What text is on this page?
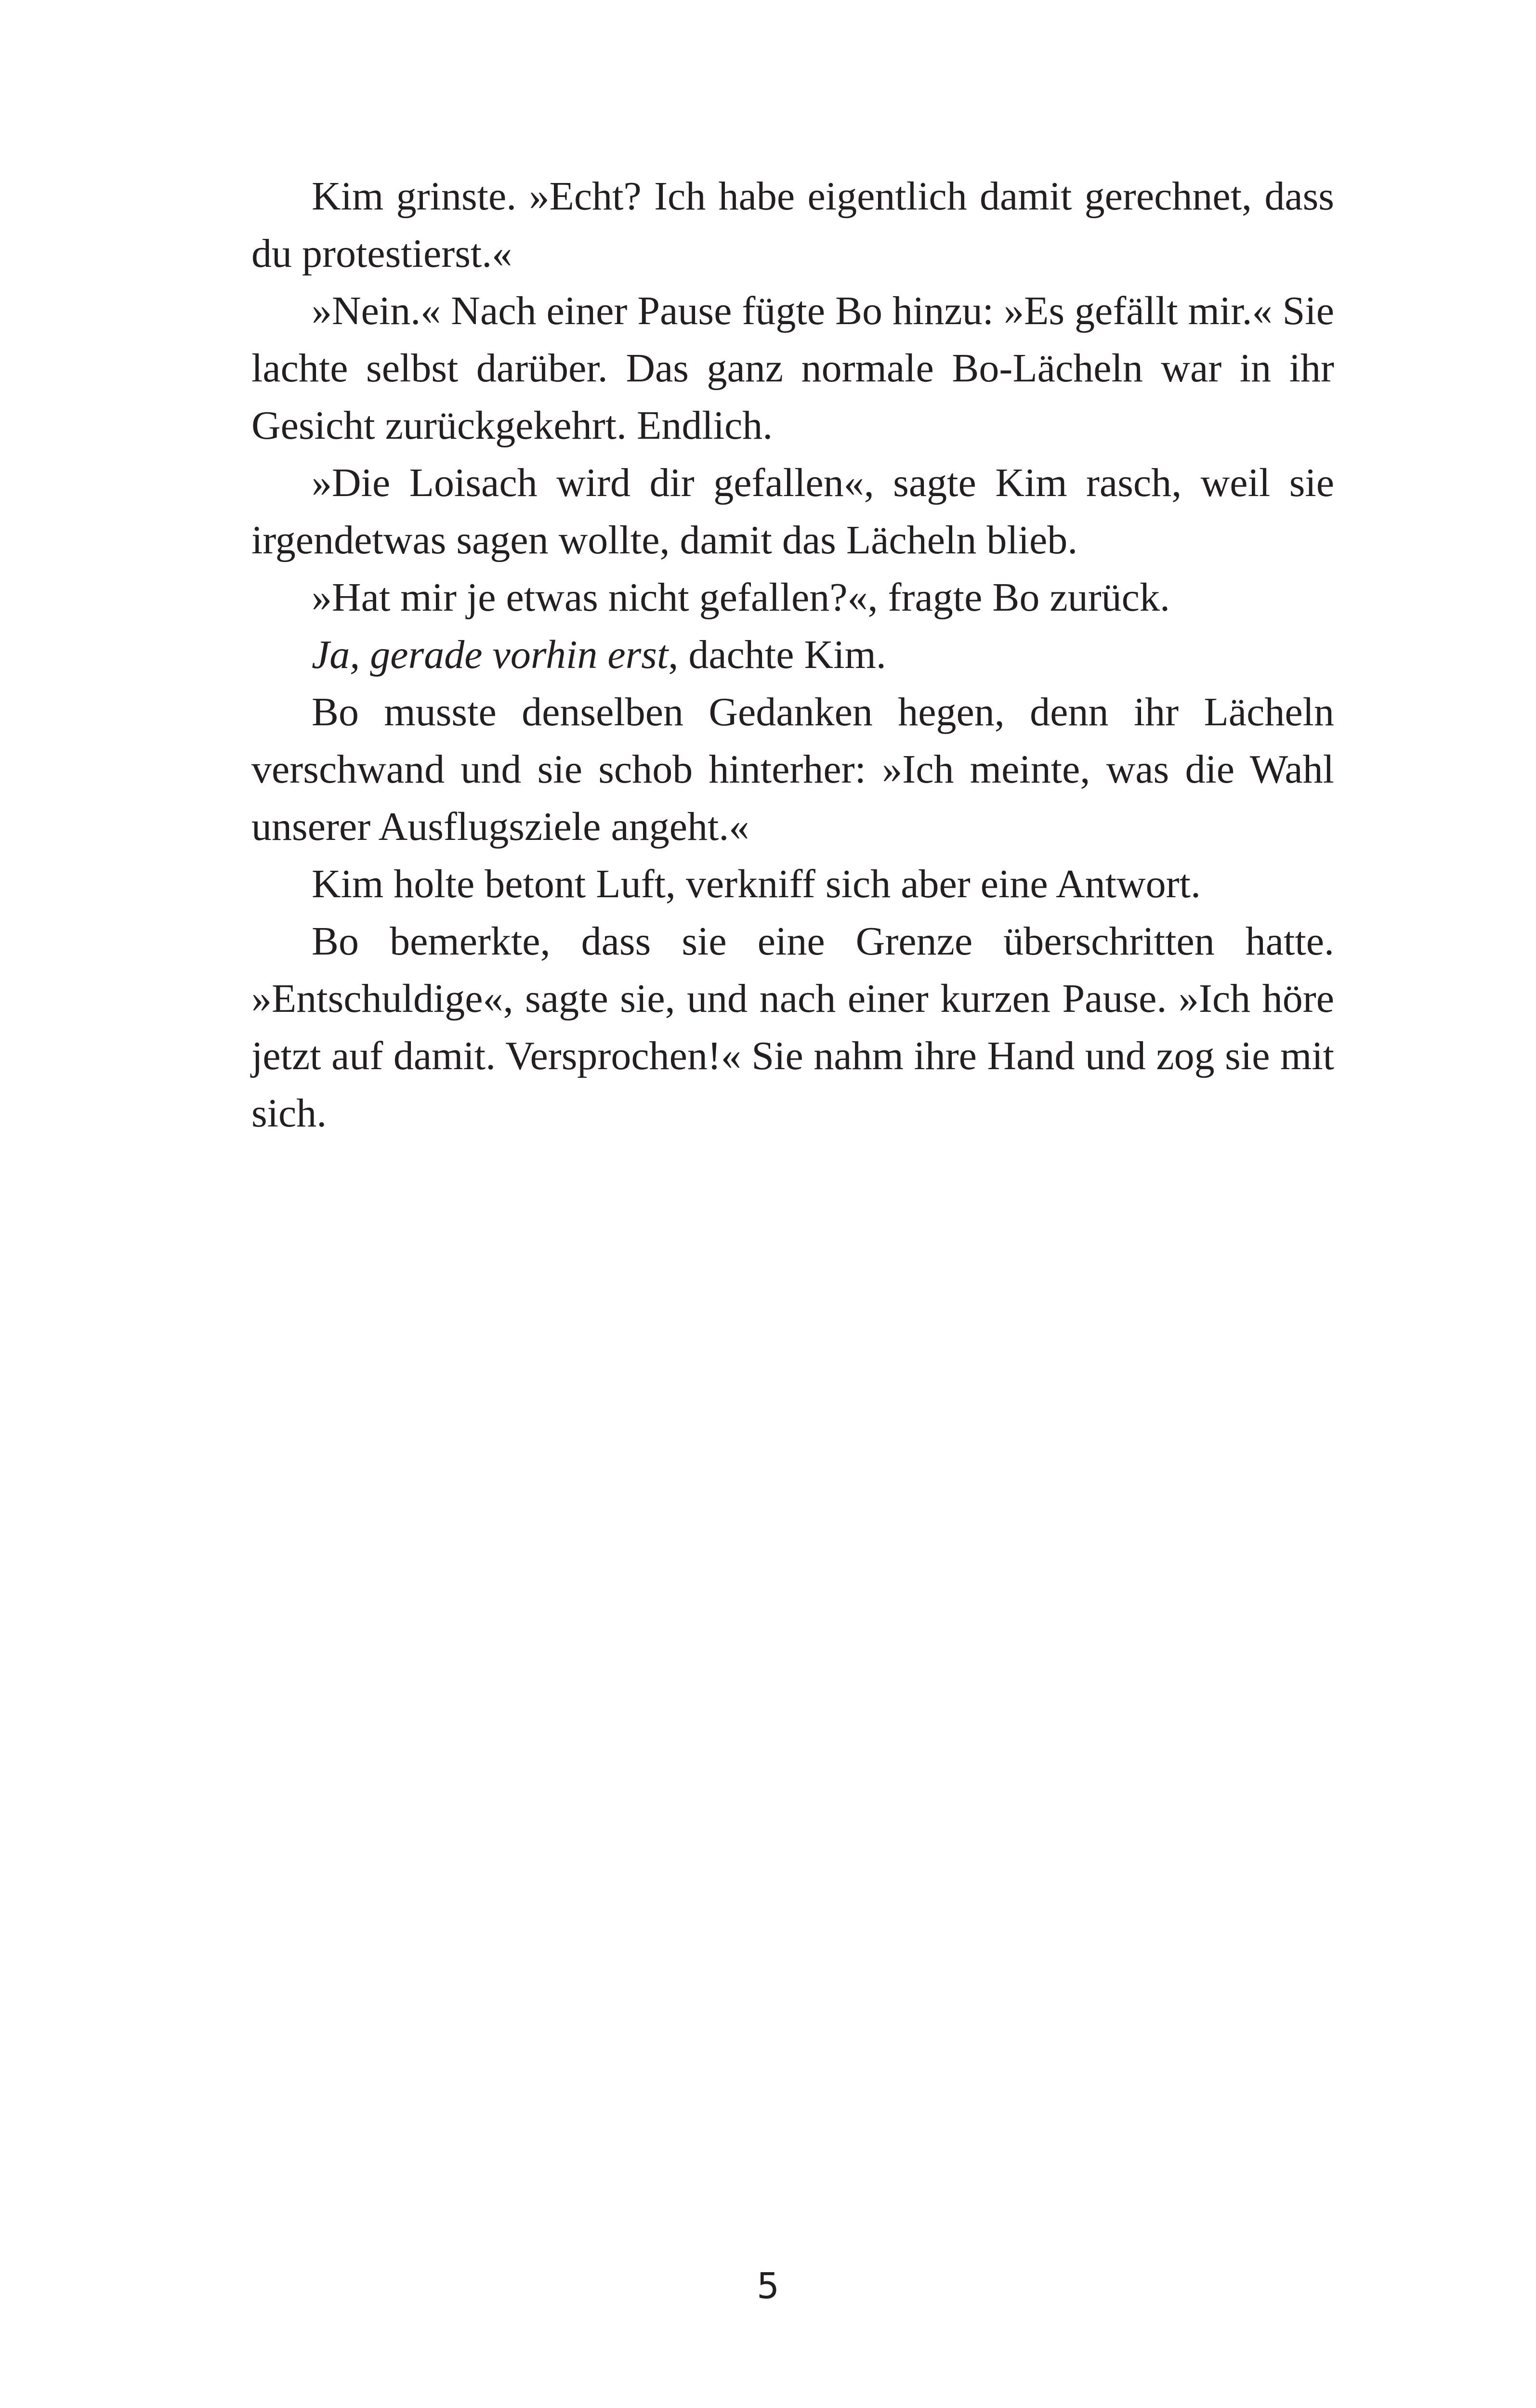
Kim grinste. »Echt? Ich habe eigentlich damit gerechnet, dass du protestierst.«

»Nein.« Nach einer Pause fügte Bo hinzu: »Es gefällt mir.« Sie lachte selbst darüber. Das ganz normale Bo-Lächeln war in ihr Gesicht zurückgekehrt. Endlich.

»Die Loisach wird dir gefallen«, sagte Kim rasch, weil sie irgendetwas sagen wollte, damit das Lächeln blieb.

»Hat mir je etwas nicht gefallen?«, fragte Bo zurück.

Ja, gerade vorhin erst, dachte Kim.

Bo musste denselben Gedanken hegen, denn ihr Lächeln verschwand und sie schob hinterher: »Ich meinte, was die Wahl unserer Ausflugsziele angeht.«

Kim holte betont Luft, verkniff sich aber eine Antwort.

Bo bemerkte, dass sie eine Grenze überschritten hatte. »Entschuldige«, sagte sie, und nach einer kurzen Pause. »Ich höre jetzt auf damit. Versprochen!« Sie nahm ihre Hand und zog sie mit sich.

5
